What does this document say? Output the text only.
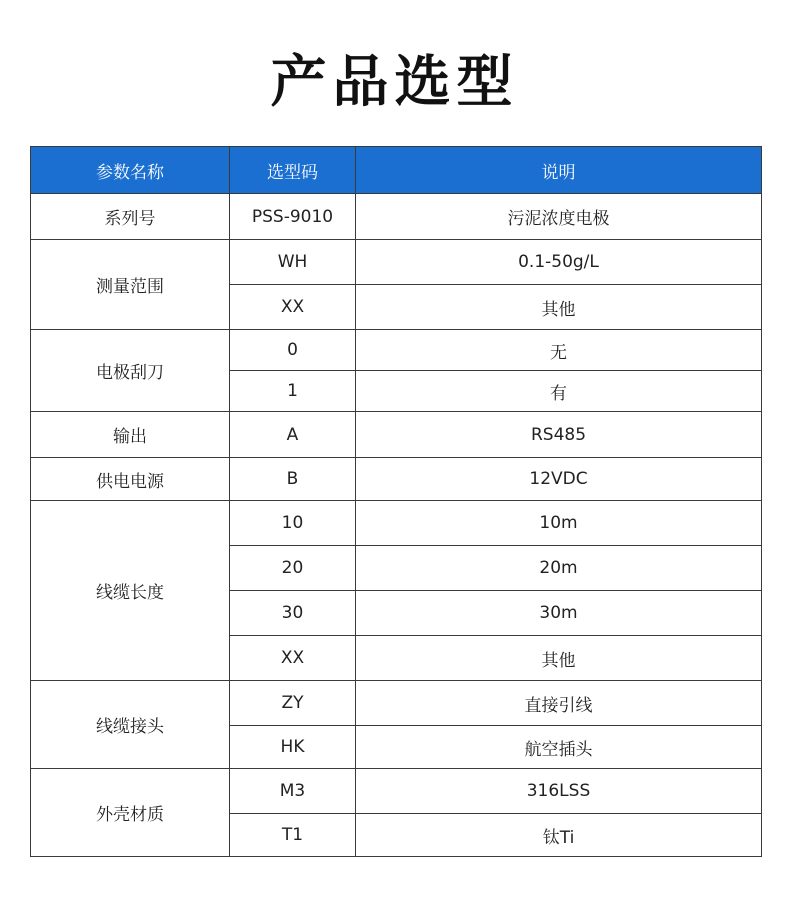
产品选型
参数名称	选型码	说明
系列号	PSS-9010	污泥浓度电极
测量范围	WH	0.1-50g/L
	XX	其他
电极刮刀	0	无
	1	有
输出	A	RS485
供电电源	B	12VDC
线缆长度	10	10m
	20	20m
	30	30m
	XX	其他
线缆接头	ZY	直接引线
	HK	航空插头
外壳材质	M3	316LSS
	T1	钛Ti
